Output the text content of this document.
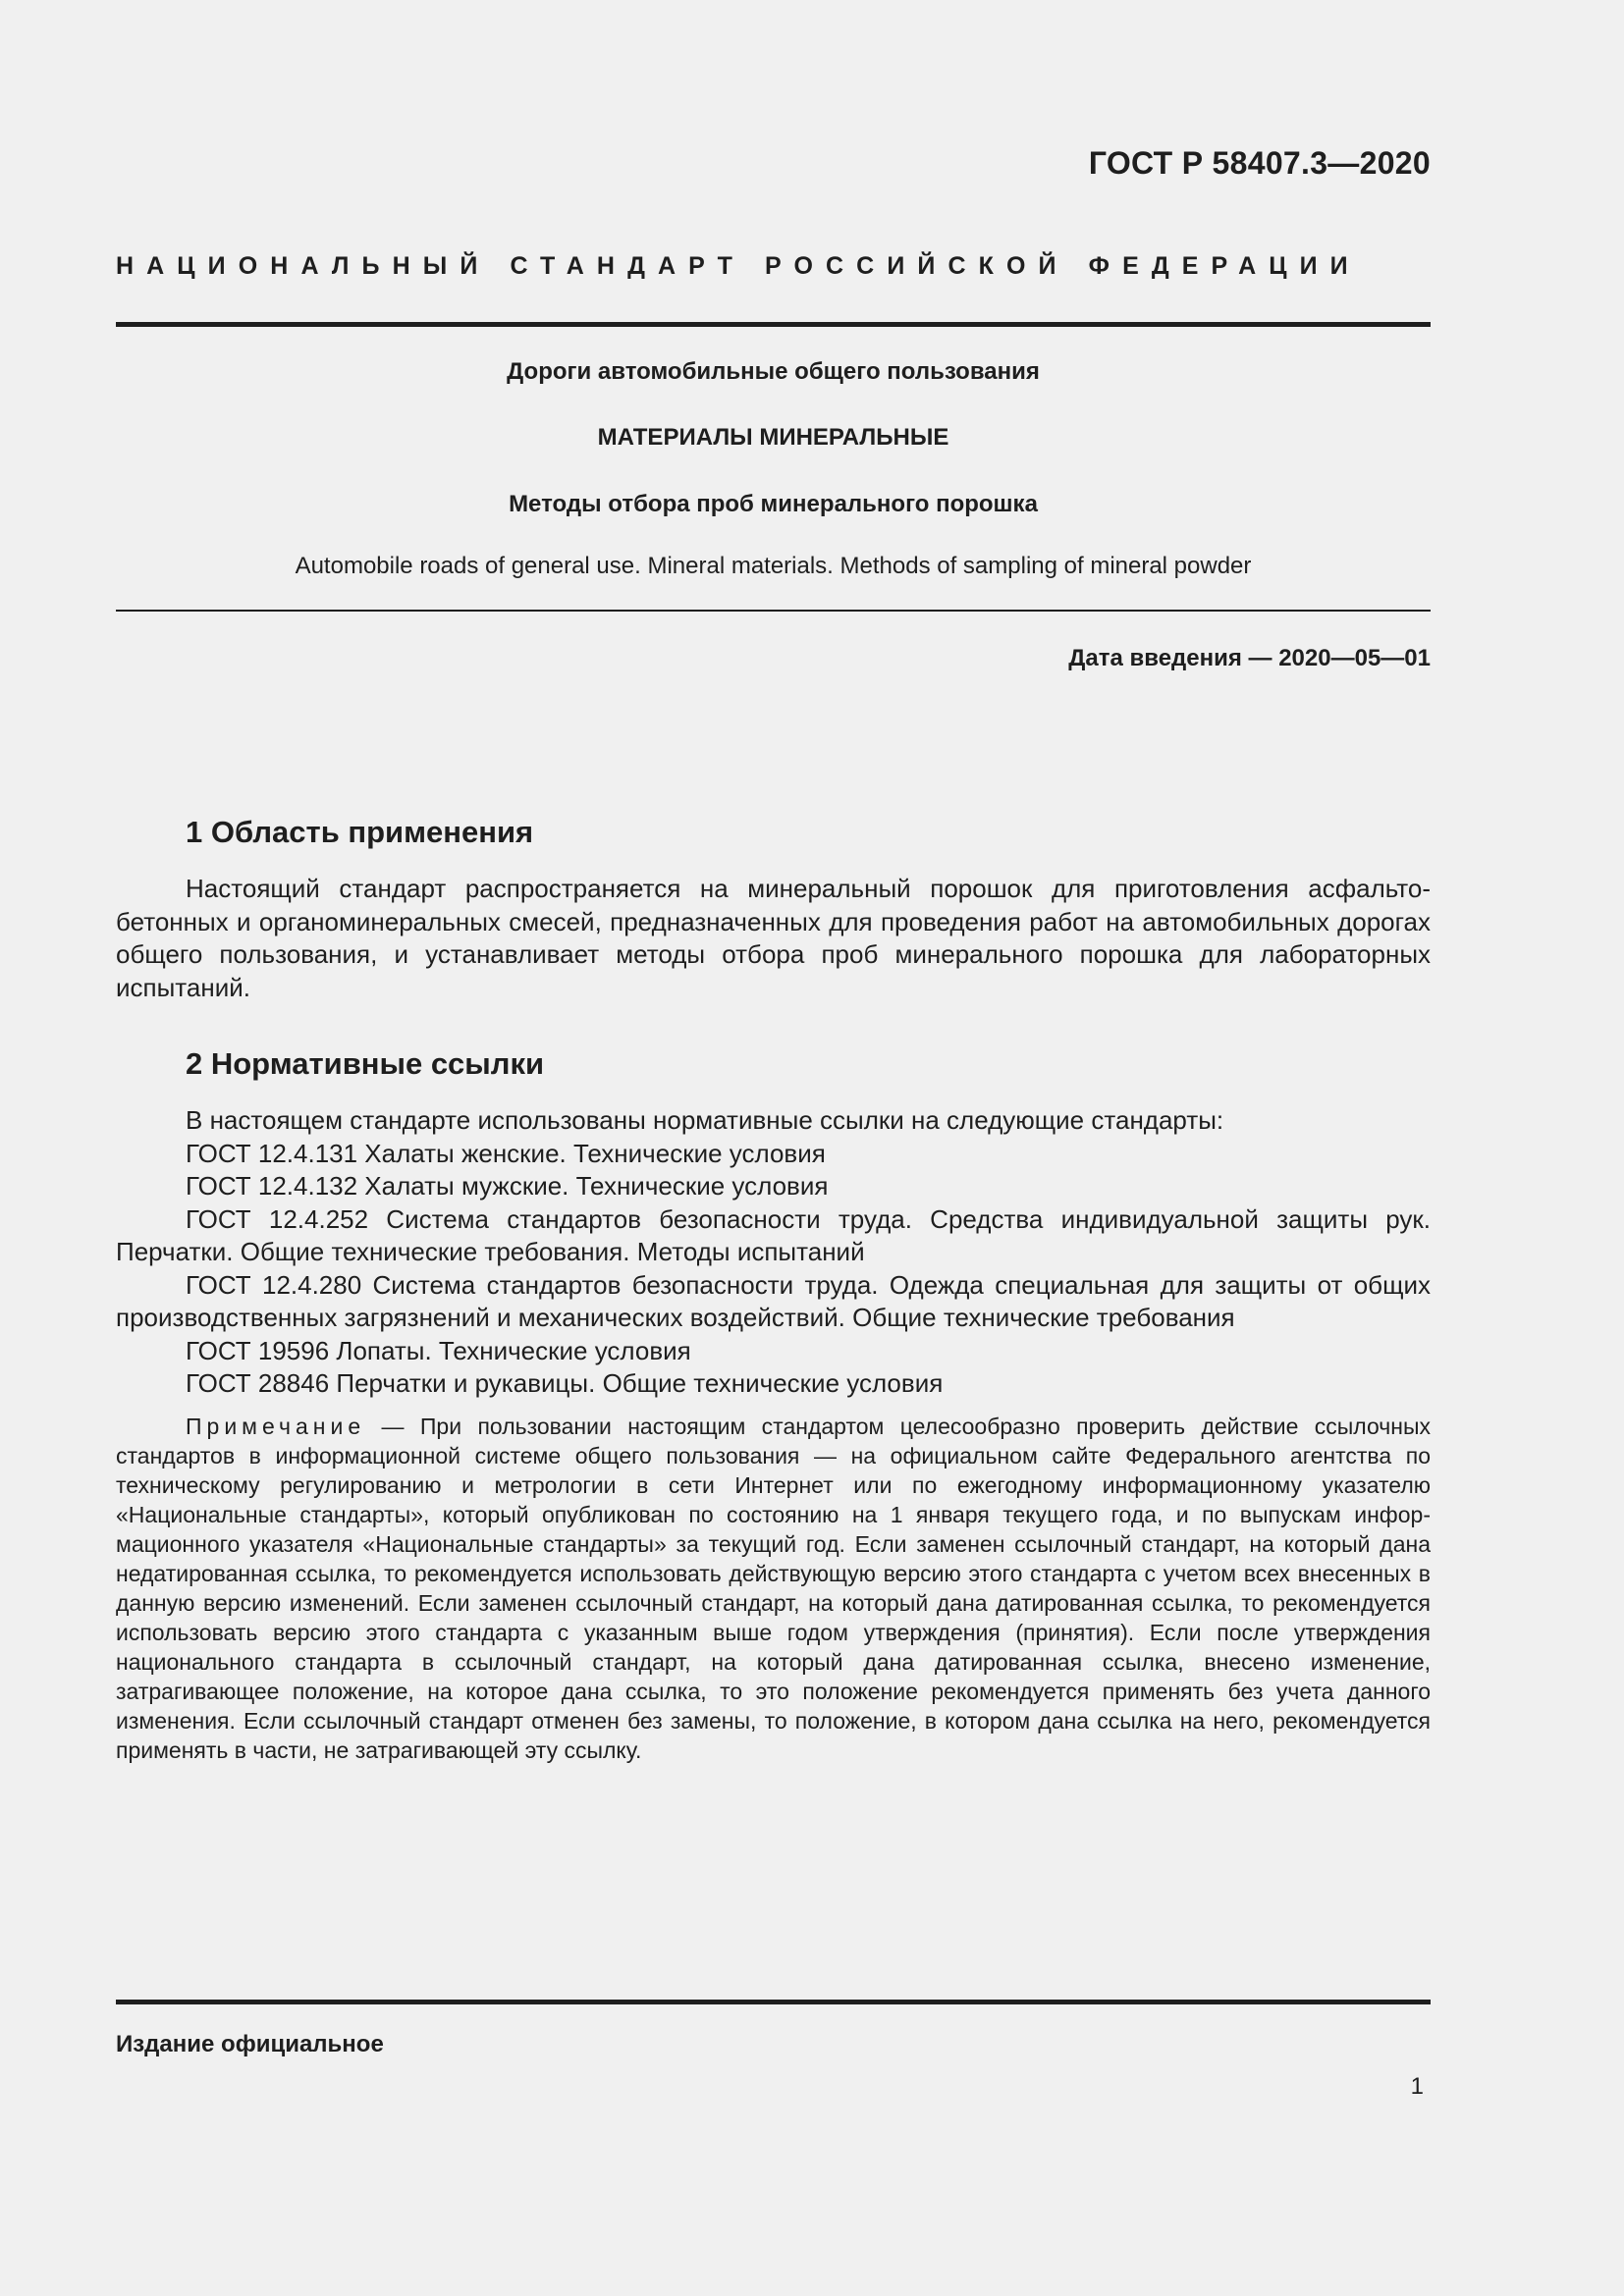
ГОСТ Р 58407.3—2020
НАЦИОНАЛЬНЫЙ СТАНДАРТ РОССИЙСКОЙ ФЕДЕРАЦИИ
Дороги автомобильные общего пользования
МАТЕРИАЛЫ МИНЕРАЛЬНЫЕ
Методы отбора проб минерального порошка
Automobile roads of general use. Mineral materials. Methods of sampling of mineral powder
Дата введения — 2020—05—01
1 Область применения

Настоящий стандарт распространяется на минеральный порошок для приготовления асфальтобетонных и органоминеральных смесей, предназначенных для проведения работ на автомобильных дорогах общего пользования, и устанавливает методы отбора проб минерального порошка для лабораторных испытаний.

2 Нормативные ссылки

В настоящем стандарте использованы нормативные ссылки на следующие стандарты:

ГОСТ 12.4.131 Халаты женские. Технические условия

ГОСТ 12.4.132 Халаты мужские. Технические условия

ГОСТ 12.4.252 Система стандартов безопасности труда. Средства индивидуальной защиты рук. Перчатки. Общие технические требования. Методы испытаний

ГОСТ 12.4.280 Система стандартов безопасности труда. Одежда специальная для защиты от общих производственных загрязнений и механических воздействий. Общие технические требования

ГОСТ 19596 Лопаты. Технические условия

ГОСТ 28846 Перчатки и рукавицы. Общие технические условия

Примечание — При пользовании настоящим стандартом целесообразно проверить действие ссылочных стандартов в информационной системе общего пользования — на официальном сайте Федерального агентства по техническому регулированию и метрологии в сети Интернет или по ежегодному информационному указателю «Национальные стандарты», который опубликован по состоянию на 1 января текущего года, и по выпускам информационного указателя «Национальные стандарты» за текущий год. Если заменен ссылочный стандарт, на который дана недатированная ссылка, то рекомендуется использовать действующую версию этого стандарта с учетом всех внесенных в данную версию изменений. Если заменен ссылочный стандарт, на который дана датированная ссылка, то рекомендуется использовать версию этого стандарта с указанным выше годом утверждения (принятия). Если после утверждения национального стандарта в ссылочный стандарт, на который дана датированная ссылка, внесено изменение, затрагивающее положение, на которое дана ссылка, то это положение рекомендуется применять без учета данного изменения. Если ссылочный стандарт отменен без замены, то положение, в котором дана ссылка на него, рекомендуется применять в части, не затрагивающей эту ссылку.
Издание официальное
1
